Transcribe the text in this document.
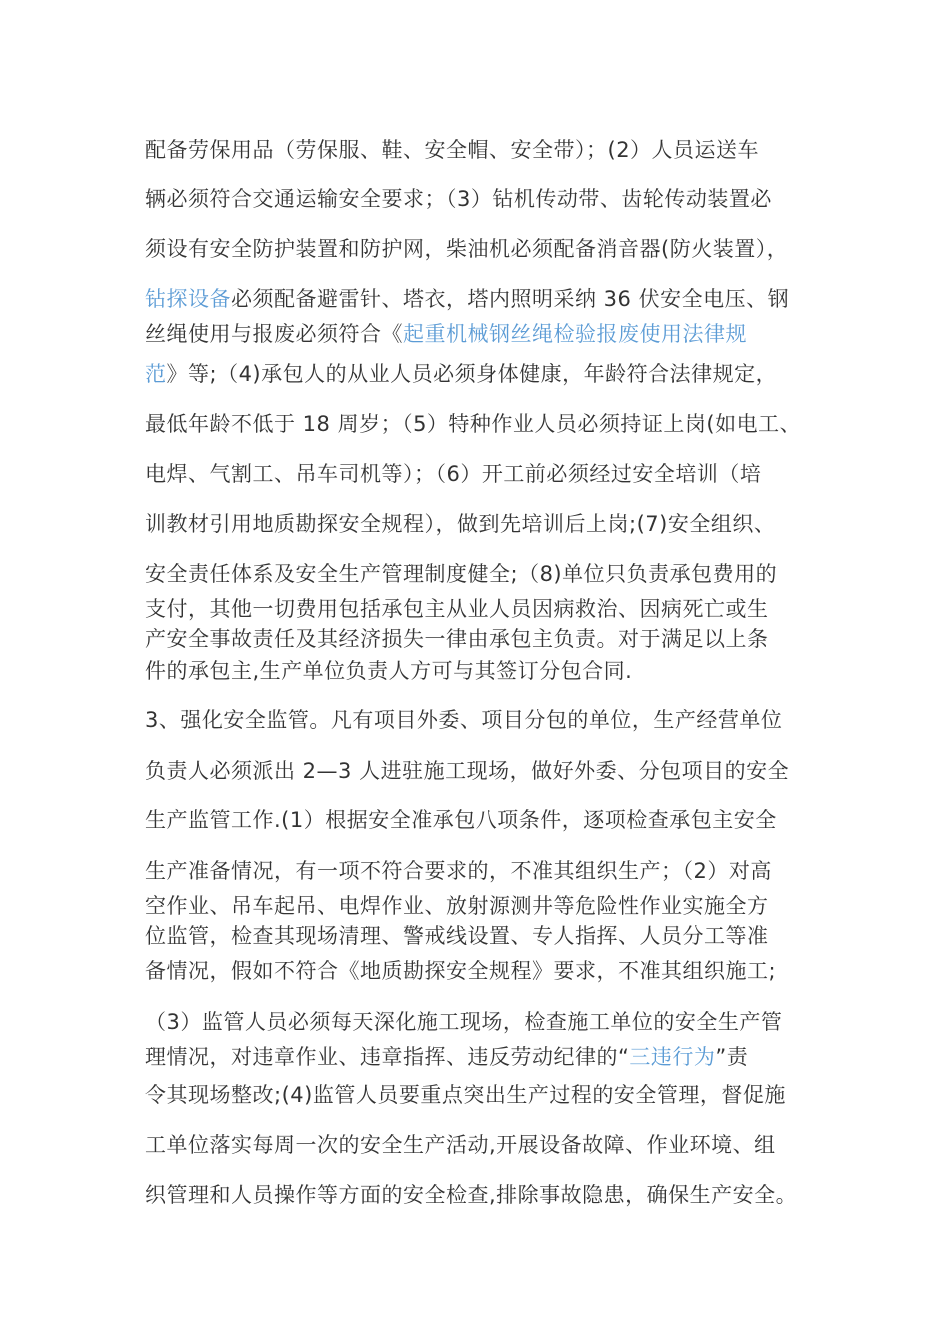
配备劳保用品（劳保服、鞋、安全帽、安全带）；(2）人员运送车
辆必须符合交通运输安全要求；（3）钻机传动带、齿轮传动装置必
须设有安全防护装置和防护网，柴油机必须配备消音器(防火装置），
钻探设备必须配备避雷针、塔衣，塔内照明采纳 36 伏安全电压、钢
丝绳使用与报废必须符合《起重机械钢丝绳检验报废使用法律规
范》等;（4)承包人的从业人员必须身体健康，年龄符合法律规定，
最低年龄不低于 18 周岁；（5）特种作业人员必须持证上岗(如电工、
电焊、气割工、吊车司机等）；（6）开工前必须经过安全培训（培
训教材引用地质勘探安全规程），做到先培训后上岗;(7)安全组织、
安全责任体系及安全生产管理制度健全;（8)单位只负责承包费用的
支付，其他一切费用包括承包主从业人员因病救治、因病死亡或生
产安全事故责任及其经济损失一律由承包主负责。对于满足以上条
件的承包主,生产单位负责人方可与其签订分包合同.
3、强化安全监管。凡有项目外委、项目分包的单位，生产经营单位
负责人必须派出 2—3 人进驻施工现场，做好外委、分包项目的安全
生产监管工作.(1）根据安全准承包八项条件，逐项检查承包主安全
生产准备情况，有一项不符合要求的，不准其组织生产；（2）对高
空作业、吊车起吊、电焊作业、放射源测井等危险性作业实施全方
位监管，检查其现场清理、警戒线设置、专人指挥、人员分工等准
备情况，假如不符合《地质勘探安全规程》要求，不准其组织施工;
（3）监管人员必须每天深化施工现场，检查施工单位的安全生产管
理情况，对违章作业、违章指挥、违反劳动纪律的“三违行为”责
令其现场整改;(4)监管人员要重点突出生产过程的安全管理，督促施
工单位落实每周一次的安全生产活动,开展设备故障、作业环境、组
织管理和人员操作等方面的安全检查,排除事故隐患，确保生产安全。
